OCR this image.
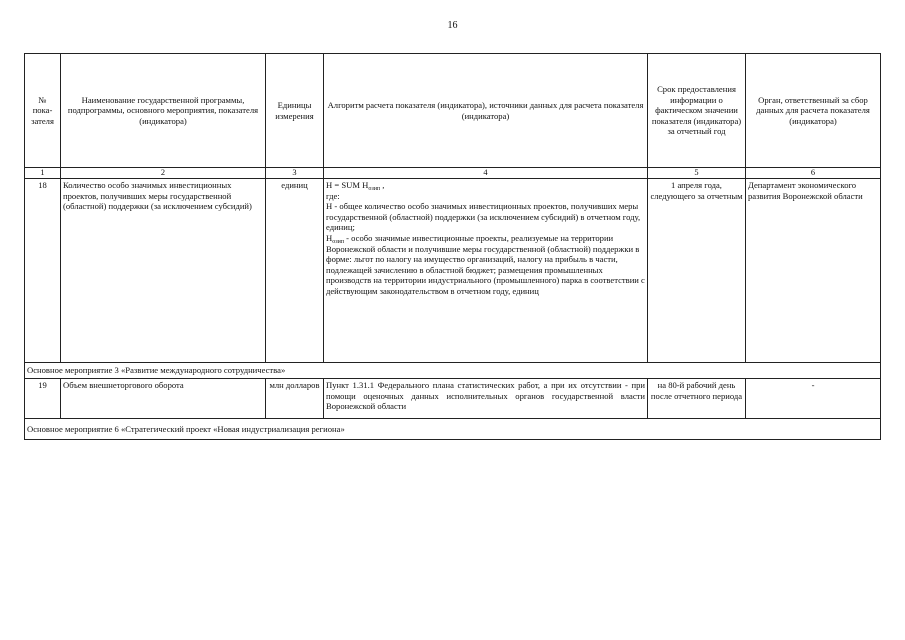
16
№ пока-зателя	Наименование государственной программы, подпрограммы, основного мероприятия, показателя (индикатора)	Единицы измерения	Алгоритм расчета показателя (индикатора), источники данных для расчета показателя (индикатора)	Срок предоставления информации о фактическом значении показателя (индикатора) за отчетный год	Орган, ответственный за сбор данных для расчета показателя (индикатора)
1	2	3	4	5	6
18	Количество особо значимых инвестиционных проектов, получивших меры государственной (областной) поддержки (за исключением субсидий)	единиц	H = SUM $H_{озип}$ ,
где:
H - общее количество особо значимых инвестиционных проектов, получивших меры государственной (областной) поддержки (за исключением субсидий) в отчетном году, единиц;
$H_{озип}$ - особо значимые инвестиционные проекты, реализуемые на территории Воронежской области и получившие меры государственной (областной) поддержки в форме: льгот по налогу на имущество организаций, налогу на прибыль в части, подлежащей зачислению в областной бюджет; размещения промышленных производств на территории индустриального (промышленного) парка в соответствии с действующим законодательством в отчетном году, единиц	1 апреля года, следующего за отчетным	Департамент экономического развития Воронежской области
Основное мероприятие 3 «Развитие международного сотрудничества»					
19	Объем внешнеторгового оборота	млн долларов	Пункт 1.31.1 Федерального плана статистических работ, а при их отсутствии - при помощи оценочных данных исполнительных органов государственной власти Воронежской области	на 80-й рабочий день после отчетного периода	-
Основное мероприятие 6 «Стратегический проект «Новая индустриализация региона»					
